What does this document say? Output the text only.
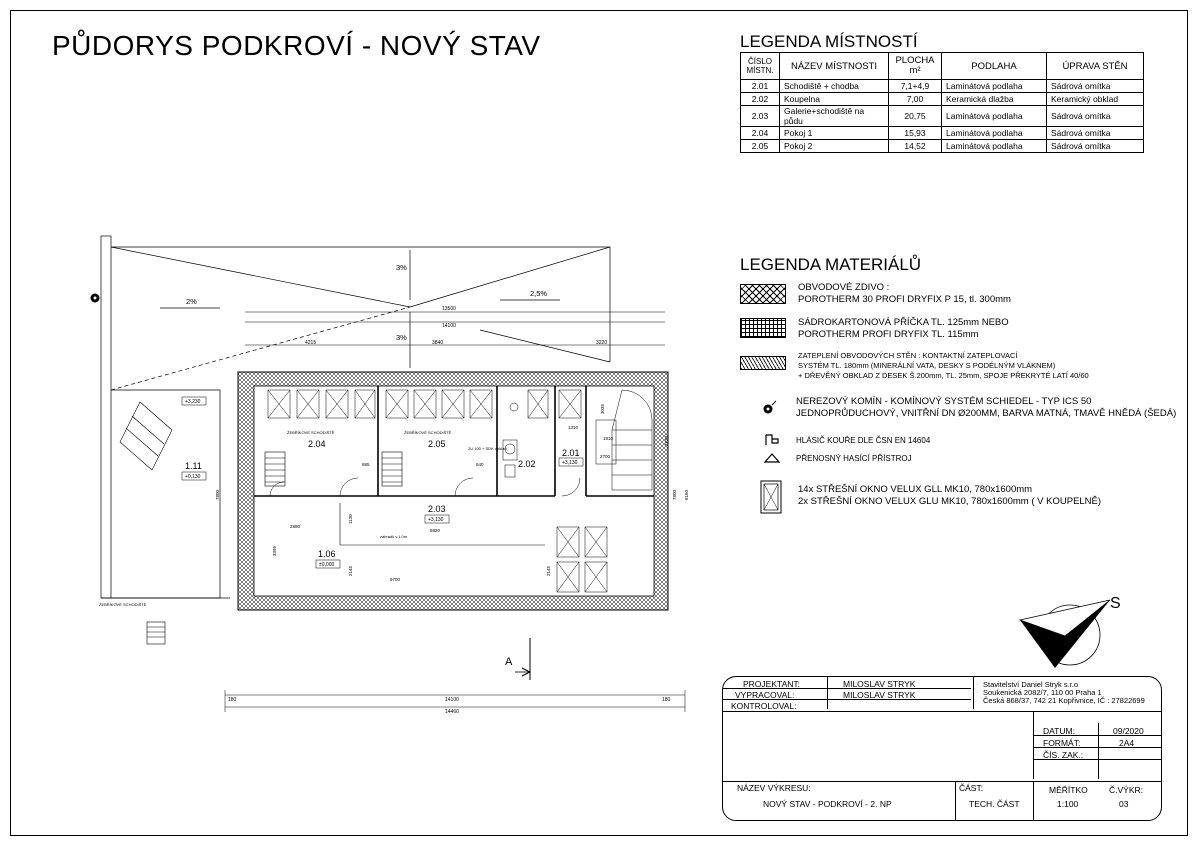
PŮDORYS PODKROVÍ - NOVÝ STAV	LEGENDA MÍSTNOSTÍ
ČÍSLO MÍSTN.	NÁZEV MÍSTNOSTI	PLOCHA m²	PODLAHA	ÚPRAVA STĚN
2.01	Schodiště + chodba	7,1+4,9	Laminátová podlaha	Sádrová omítka
2.02	Koupelna	7,00	Keramická dlažba	Keramický obklad
2.03	Galerie+schodiště na půdu	20,75	Laminátová podlaha	Sádrová omítka
2.04	Pokoj 1	15,93	Laminátová podlaha	Sádrová omítka
2.05	Pokoj 2	14,52	Laminátová podlaha	Sádrová omítka
LEGENDA MATERIÁLŮ
OBVODOVÉ ZDIVO :
POROTHERM 30 PROFI DRYFIX P 15, tl. 300mm
SÁDROKARTONOVÁ PŘÍČKA TL. 125mm NEBO
POROTHERM PROFI DRYFIX TL. 115mm
ZATEPLENÍ OBVODOVÝCH STĚN : KONTAKTNÍ ZATEPLOVACÍ
SYSTÉM TL. 180mm (MINERÁLNÍ VATA, DESKY S PODÉLNÝM VLÁKNEM)
+ DŘEVĚNÝ OBKLAD Z DESEK Š.200mm, TL. 25mm, SPOJE PŘEKRYTÉ LATÍ 40/60
NEREZOVÝ KOMÍN - KOMÍNOVÝ SYSTÉM SCHIEDEL - TYP ICS 50
JEDNOPRŮDUCHOVÝ, VNITŘNÍ DN Ø200MM, BARVA MATNÁ, TMAVĚ HNĚDÁ (ŠEDÁ)
HLÁSIČ KOUŘE DLE ČSN EN 14604
PŘENOSNÝ HASÍCÍ PŘÍSTROJ
14x STŘEŠNÍ OKNO VELUX GLL MK10, 780x1600mm
2x STŘEŠNÍ OKNO VELUX GLU MK10, 780x1600mm ( V KOUPELNĚ)
3%
2%
2,5%
3%
13500
14100
4215	3840	3220
2.04
ŽEBŘÍKOVÉ SCHODIŠTĚ
2.05
ŽEBŘÍKOVÉ SCHODIŠTĚ
2.02
2.01
+3,130
2.03
+3,130
1.06
±0,000
1.11
+0,130
+3,230
ŽEBŘÍKOVÉ SCHODIŠTĚ
zábradlí v.1,0m
2U 100 + SDK obklad
2880
9700
6820
885	640
1310
1910
2700
7800	8160
7800
3395
2145	2145
1130
2730
3035
14100
14460
180	180
A
S
PROJEKTANT:	MILOSLAV STRYK
VYPRACOVAL:	MILOSLAV STRYK
KONTROLOVAL:
Stavitelství Daniel Stryk s.r.o
Soukenická 2082/7, 110 00 Praha 1
Česká 868/37, 742 21 Kopřivnice, IČ : 27822699
DATUM:	09/2020
FORMÁT:	2A4
ČÍS. ZAK.:
NÁZEV VÝKRESU:
NOVÝ STAV - PODKROVÍ - 2. NP
ČÁST:
TECH. ČÁST
MĚŘÍTKO
1:100
Č.VÝKR:
03
